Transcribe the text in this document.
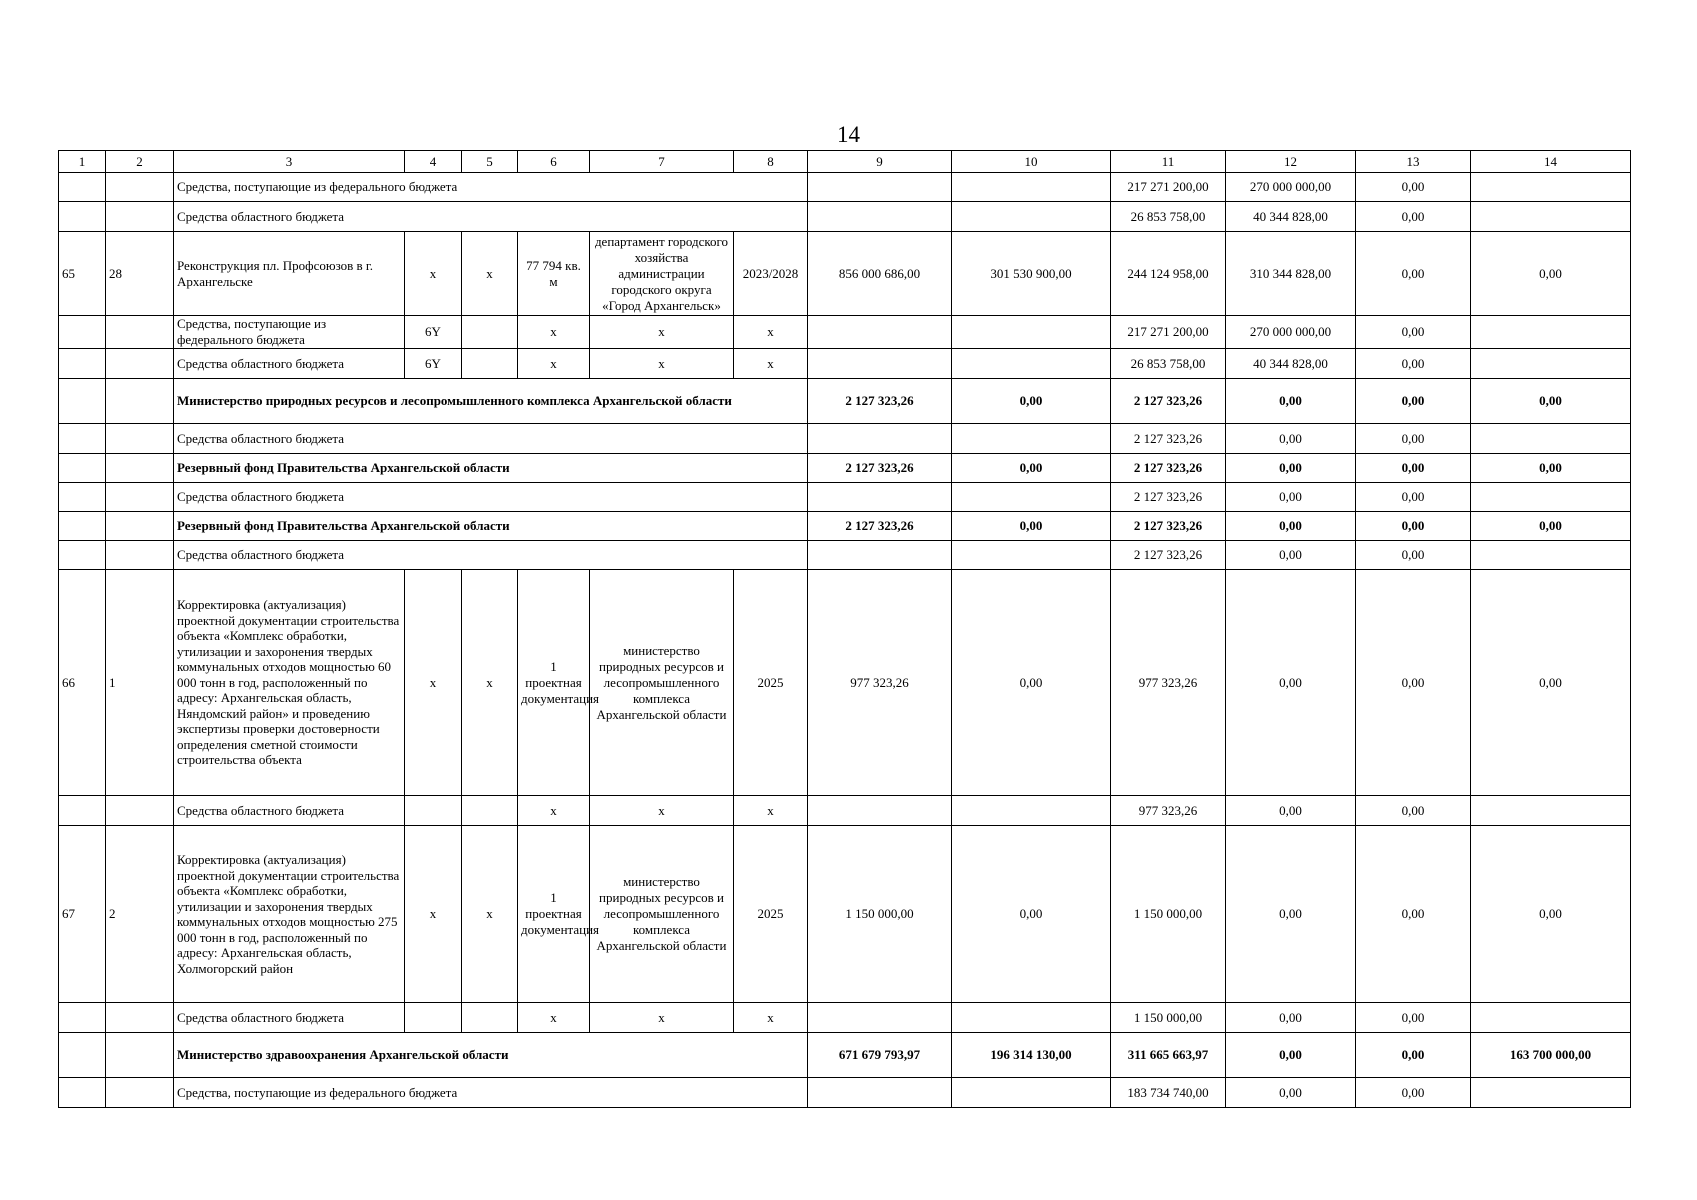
14
1	2	3	4	5	6	7	8	9	10	11	12	13	14
		Средства, поступающие из федерального бюджета								217 271 200,00	270 000 000,00	0,00	
		Средства областного бюджета								26 853 758,00	40 344 828,00	0,00	
65	28	Реконструкция пл. Профсоюзов в г. Архангельске	x	x	77 794 кв. м	департамент городского хозяйства администрации городского округа «Город Архангельск»	2023/2028	856 000 686,00	301 530 900,00	244 124 958,00	310 344 828,00	0,00	0,00
		Средства, поступающие из федерального бюджета	6Y		x	x	x			217 271 200,00	270 000 000,00	0,00	
		Средства областного бюджета	6Y		x	x	x			26 853 758,00	40 344 828,00	0,00	
		Министерство природных ресурсов и лесопромышленного комплекса Архангельской области						2 127 323,26	0,00	2 127 323,26	0,00	0,00	0,00
		Средства областного бюджета								2 127 323,26	0,00	0,00	
		Резервный фонд Правительства Архангельской области						2 127 323,26	0,00	2 127 323,26	0,00	0,00	0,00
		Средства областного бюджета								2 127 323,26	0,00	0,00	
		Резервный фонд Правительства Архангельской области						2 127 323,26	0,00	2 127 323,26	0,00	0,00	0,00
		Средства областного бюджета								2 127 323,26	0,00	0,00	
66	1	Корректировка (актуализация) проектной документации строительства объекта «Комплекс обработки, утилизации и захоронения твердых коммунальных отходов мощностью 60 000 тонн в год, расположенный по адресу: Архангельская область, Няндомский район» и проведению экспертизы проверки достоверности определения сметной стоимости строительства объекта	x	x	1 проектная документация	министерство природных ресурсов и лесопромышленного комплекса Архангельской области	2025	977 323,26	0,00	977 323,26	0,00	0,00	0,00
		Средства областного бюджета			x	x	x			977 323,26	0,00	0,00	
67	2	Корректировка (актуализация) проектной документации строительства объекта «Комплекс обработки, утилизации и захоронения твердых коммунальных отходов мощностью 275 000 тонн в год, расположенный по адресу: Архангельская область, Холмогорский район	x	x	1 проектная документация	министерство природных ресурсов и лесопромышленного комплекса Архангельской области	2025	1 150 000,00	0,00	1 150 000,00	0,00	0,00	0,00
		Средства областного бюджета			x	x	x			1 150 000,00	0,00	0,00	
		Министерство здравоохранения Архангельской области						671 679 793,97	196 314 130,00	311 665 663,97	0,00	0,00	163 700 000,00
		Средства, поступающие из федерального бюджета								183 734 740,00	0,00	0,00	
